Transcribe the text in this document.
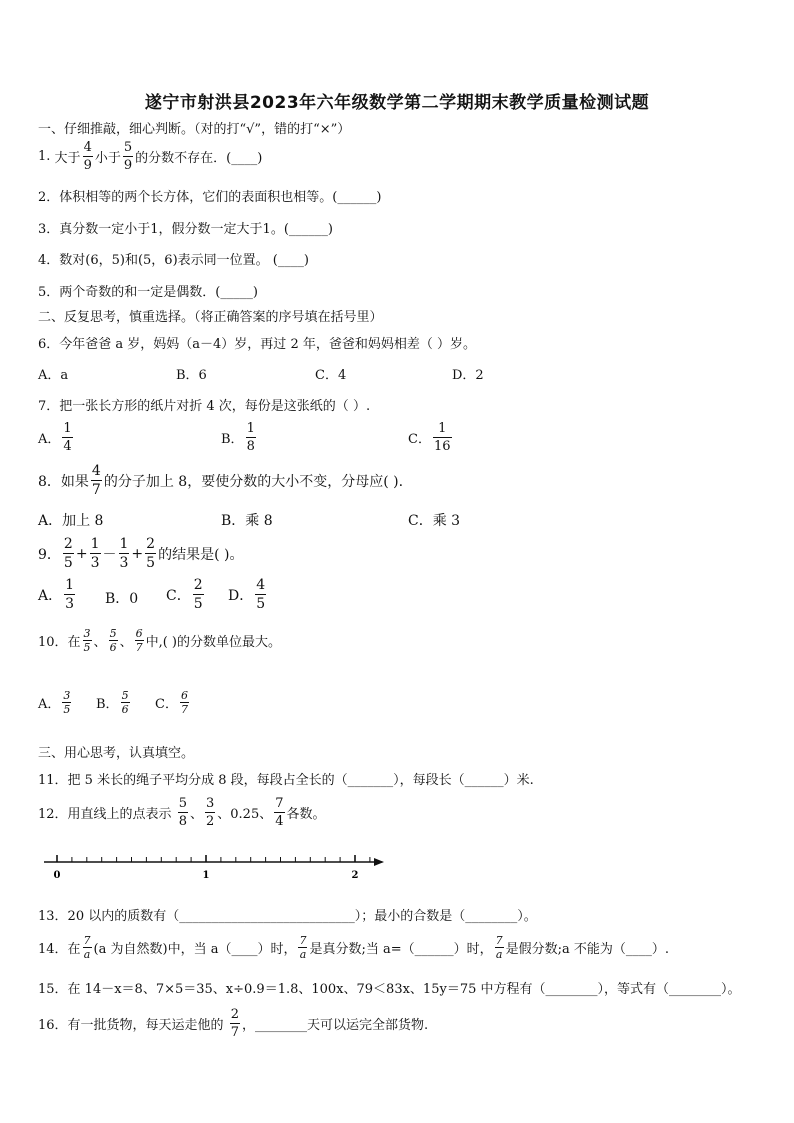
遂宁市射洪县2023年六年级数学第二学期期末教学质量检测试题
一、仔细推敲，细心判断。（对的打“√”，错的打“×”）
1.
大于 $\frac{4}{9}$ 小于 $\frac{5}{9}$ 的分数不存在．(____)
2．体积相等的两个长方体，它们的表面积也相等。(______)
3．真分数一定小于1，假分数一定大于1。(______)
4．数对(6，5)和(5，6)表示同一位置。 (____)
5．两个奇数的和一定是偶数．(_____)
二、反复思考，慎重选择。（将正确答案的序号填在括号里）
6．今年爸爸 a 岁，妈妈（a－4）岁，再过 2 年，爸爸和妈妈相差（ ）岁。
A．a	B．6	C．4	D．2
7．把一张长方形的纸片对折 4 次，每份是这张纸的（ ）.
A． $\frac{1}{4}$	B． $\frac{1}{8}$	C． $\frac{1}{16}$
8．如果 $\frac{4}{7}$ 的分子加上 8，要使分数的大小不变，分母应( ).
A．加上 8	B．乘 8	C．乘 3
9． $\frac{2}{5} + \frac{1}{3} - \frac{1}{3} + \frac{2}{5}$ 的结果是( )。
A． $\frac{1}{3}$ B．0 C． $\frac{2}{5}$ D． $\frac{4}{5}$
10．在 $\frac{3}{5}$ 、 $\frac{5}{6}$ 、 $\frac{6}{7}$ 中,( )的分数单位最大。
A． $\frac{3}{5}$ B． $\frac{5}{6}$ C． $\frac{6}{7}$
三、用心思考，认真填空。
11．把 5 米长的绳子平均分成 8 段，每段占全长的（_______），每段长（______）米.
12．用直线上的点表示
$\frac{5}{8}$ 、 $\frac{3}{2}$ 、0.25、 $\frac{7}{4}$ 各数。
0	1	2
13．20 以内的质数有（___________________________）；最小的合数是（________）。
14．在 $\frac{7}{a} (a$ 为自然数)中，当 a（____）时， $\frac{7}{a}$ 是真分数;当 a=（______）时， $\frac{7}{a}$ 是假分数;a 不能为（____）.
15．在 14－x＝8、7×5＝35、x÷0.9＝1.8、100x、79＜83x、15y＝75 中方程有（________），等式有（________）。
16．有一批货物，每天运走他的
$\frac{2}{7}$ ，________天可以运完全部货物.
